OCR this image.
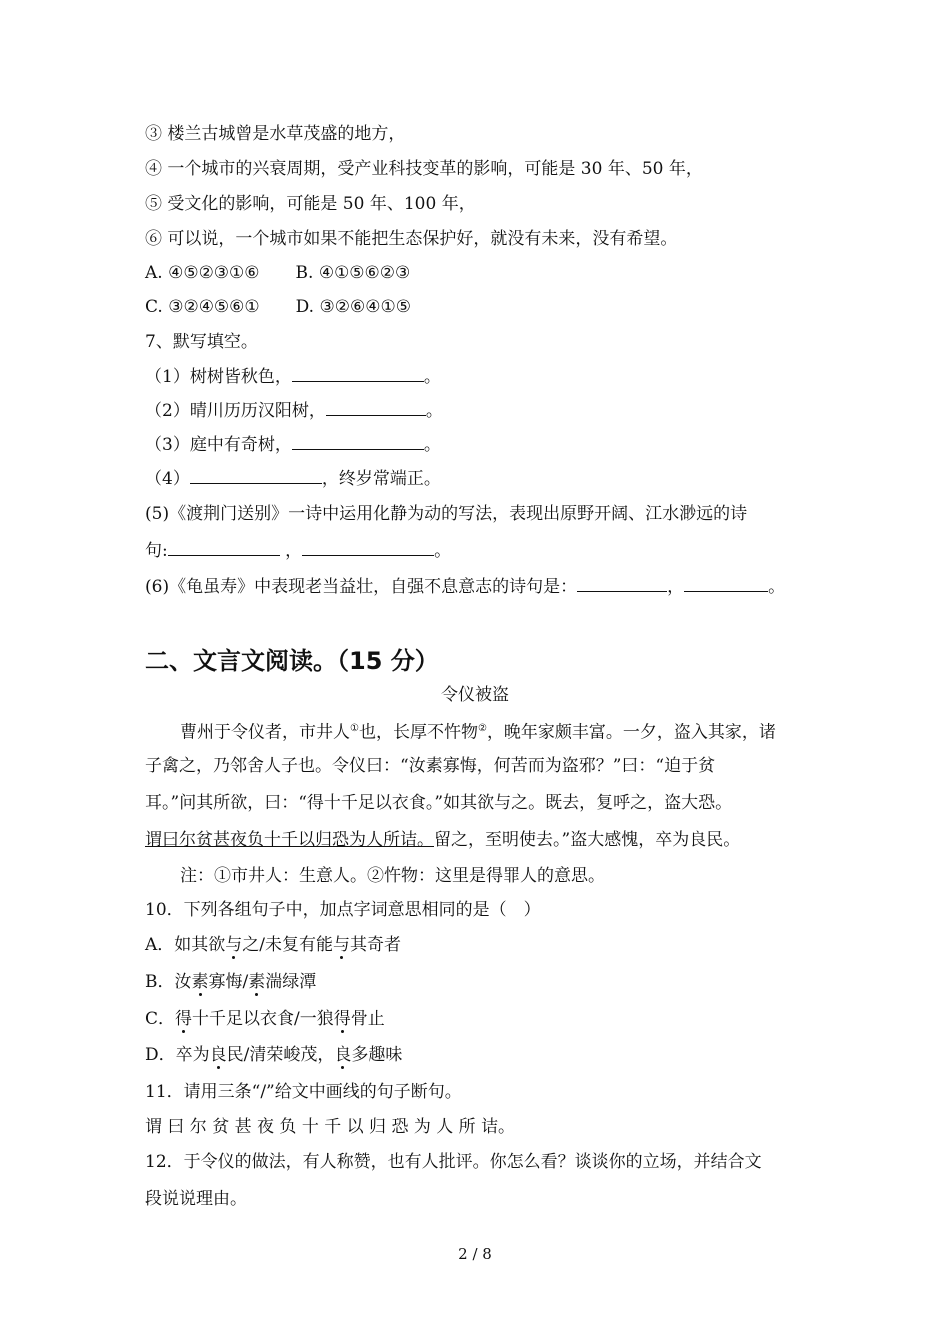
③ 楼兰古城曾是水草茂盛的地方，
④ 一个城市的兴衰周期，受产业科技变革的影响，可能是 30 年、50 年，
⑤ 受文化的影响，可能是 50 年、100 年，
⑥ 可以说，一个城市如果不能把生态保护好，就没有未来，没有希望。
A. ④⑤②③①⑥ B. ④①⑤⑥②③
C. ③②④⑤⑥① D. ③②⑥④①⑤
7、默写填空。
（1）树树皆秋色，	。
（2）晴川历历汉阳树，	。
（3）庭中有奇树，	。
（4）	，终岁常端正。
(5)《渡荆门送别》一诗中运用化静为动的写法，表现出原野开阔、江水渺远的诗
句:	，	。
(6)《龟虽寿》中表现老当益壮，自强不息意志的诗句是：	，	。
二、文言文阅读。（15 分）
令仪被盗
曹州于令仪者，市井人①也，长厚不忤物②，晚年家颇丰富。一夕，盗入其家，诸
子禽之，乃邻舍人子也。令仪曰：“汝素寡悔，何苦而为盗邪？”曰：“迫于贫
耳。”问其所欲，曰：“得十千足以衣食。”如其欲与之。既去，复呼之，盗大恐。
谓曰尔贫甚夜负十千以归恐为人所诘。留之，至明使去。”盗大感愧，卒为良民。
注：①市井人：生意人。②忤物：这里是得罪人的意思。
10．下列各组句子中，加点字词意思相同的是（　）
A．如其欲与之/未复有能与其奇者
B．汝素寡悔/素湍绿潭
C．得十千足以衣食/一狼得骨止
D．卒为良民/清荣峻茂，良多趣味
11．请用三条“/”给文中画线的句子断句。
谓 曰 尔 贫 甚 夜 负 十 千 以 归 恐 为 人 所 诘。
12．于令仪的做法，有人称赞，也有人批评。你怎么看？谈谈你的立场，并结合文
段说说理由。
2 / 8
